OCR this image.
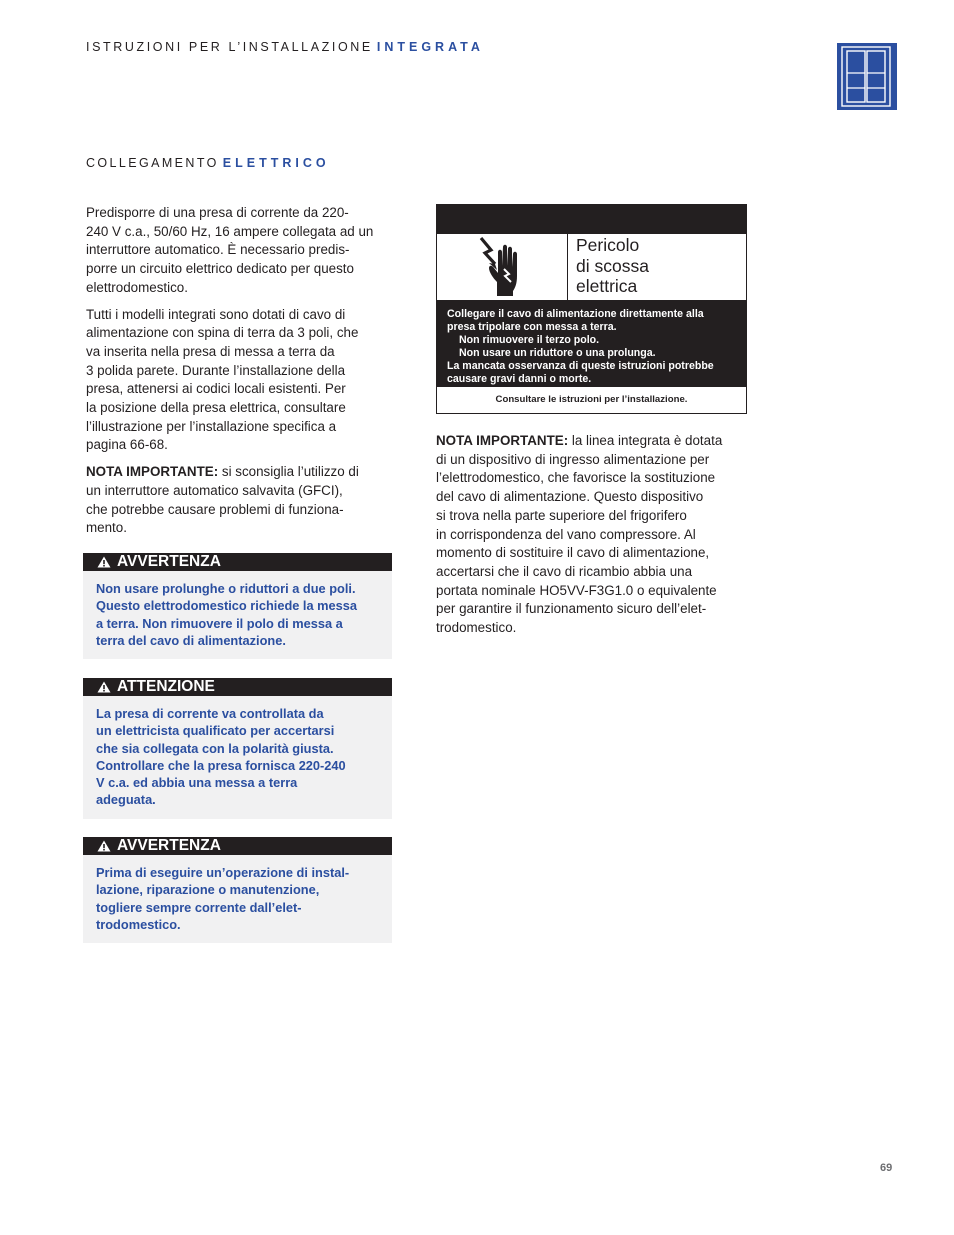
ISTRUZIONI PER L’INSTALLAZIONE INTEGRATA
COLLEGAMENTO ELETTRICO

Predisporre di una presa di corrente da 220-
240 V c.a., 50/60 Hz, 16 ampere collegata ad un
interruttore automatico. È necessario predis-
porre un circuito elettrico dedicato per questo
elettrodomestico.

Tutti i modelli integrati sono dotati di cavo di
alimentazione con spina di terra da 3 poli, che
va inserita nella presa di messa a terra da
3 polida parete. Durante l’installazione della
presa, attenersi ai codici locali esistenti. Per
la posizione della presa elettrica, consultare
l’illustrazione per l’installazione specifica a
pagina 66-68.

NOTA IMPORTANTE: si sconsiglia l’utilizzo di
un interruttore automatico salvavita (GFCI),
che potrebbe causare problemi di funziona-
mento.

AVVERTENZA
Non usare prolunghe o riduttori a due poli.
Questo elettrodomestico richiede la messa
a terra. Non rimuovere il polo di messa a
terra del cavo di alimentazione.
ATTENZIONE
La presa di corrente va controllata da
un elettricista qualificato per accertarsi
che sia collegata con la polarità giusta.
Controllare che la presa fornisca 220-240
V c.a. ed abbia una messa a terra
adeguata.
AVVERTENZA
Prima di eseguire un’operazione di instal-
lazione, riparazione o manutenzione,
togliere sempre corrente dall’elet-
trodomestico.
Pericolo
di scossa
elettrica
Collegare il cavo di alimentazione direttamente alla
presa tripolare con messa a terra.
Non rimuovere il terzo polo.
Non usare un riduttore o una prolunga.
La mancata osservanza di queste istruzioni potrebbe
causare gravi danni o morte.
Consultare le istruzioni per l’installazione.

NOTA IMPORTANTE: la linea integrata è dotata
di un dispositivo di ingresso alimentazione per
l’elettrodomestico, che favorisce la sostituzione
del cavo di alimentazione. Questo dispositivo
si trova nella parte superiore del frigorifero
in corrispondenza del vano compressore. Al
momento di sostituire il cavo di alimentazione,
accertarsi che il cavo di ricambio abbia una
portata nominale HO5VV-F3G1.0 o equivalente
per garantire il funzionamento sicuro dell’elet-
trodomestico.

69
